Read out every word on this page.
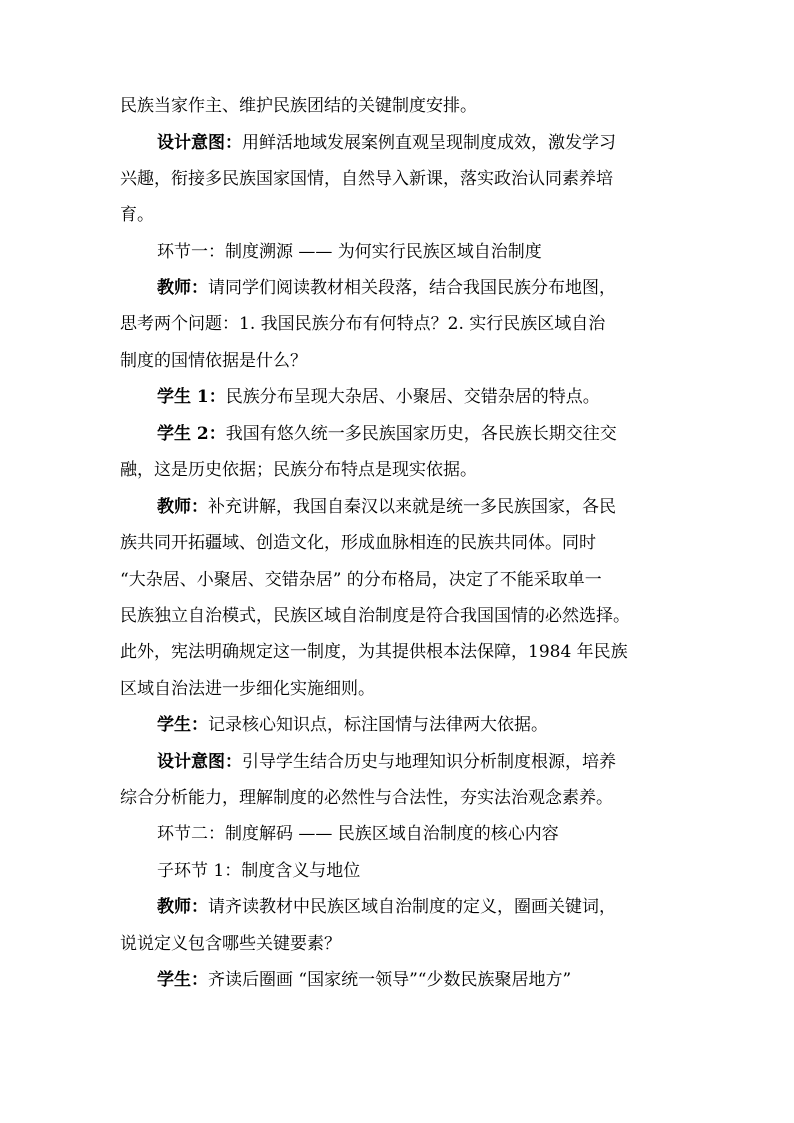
民族当家作主、维护民族团结的关键制度安排。
设计意图：用鲜活地域发展案例直观呈现制度成效，激发学习
兴趣，衔接多民族国家国情，自然导入新课，落实政治认同素养培
育。
环节一：制度溯源 —— 为何实行民族区域自治制度
教师：请同学们阅读教材相关段落，结合我国民族分布地图，
思考两个问题：1. 我国民族分布有何特点？2. 实行民族区域自治
制度的国情依据是什么？
学生 1：民族分布呈现大杂居、小聚居、交错杂居的特点。
学生 2：我国有悠久统一多民族国家历史，各民族长期交往交
融，这是历史依据；民族分布特点是现实依据。
教师：补充讲解，我国自秦汉以来就是统一多民族国家，各民
族共同开拓疆域、创造文化，形成血脉相连的民族共同体。同时
“大杂居、小聚居、交错杂居” 的分布格局，决定了不能采取单一
民族独立自治模式，民族区域自治制度是符合我国国情的必然选择。
此外，宪法明确规定这一制度，为其提供根本法保障，1984 年民族
区域自治法进一步细化实施细则。
学生：记录核心知识点，标注国情与法律两大依据。
设计意图：引导学生结合历史与地理知识分析制度根源，培养
综合分析能力，理解制度的必然性与合法性，夯实法治观念素养。
环节二：制度解码 —— 民族区域自治制度的核心内容
子环节 1：制度含义与地位
教师：请齐读教材中民族区域自治制度的定义，圈画关键词，
说说定义包含哪些关键要素？
学生：齐读后圈画 “国家统一领导”“少数民族聚居地方”
